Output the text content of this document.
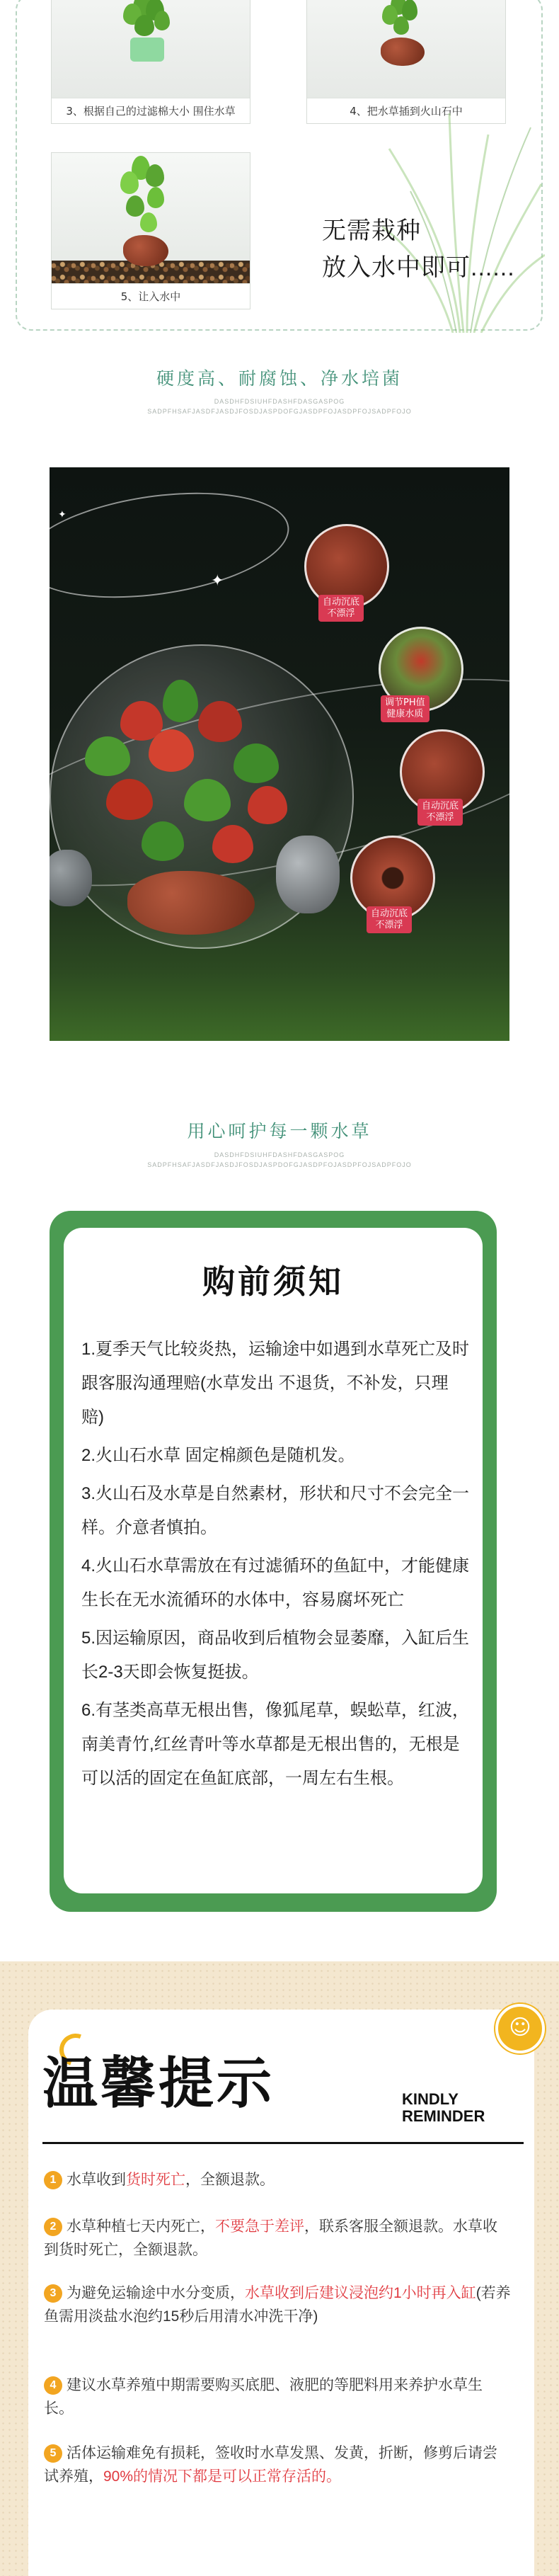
3、根据自己的过滤棉大小 围住水草	4、把水草插到火山石中
5、让入水中
无需栽种
放入水中即可......
硬度高、耐腐蚀、净水培菌
DASDHFDSIUHFDASHFDASGASPOG
SADPFHSAFJASDFJASDJFOSDJASPDOFGJASDPFOJASDPFOJSADPFOJO
✦
✦
自动沉底
不漂浮
调节PH值
健康水质
自动沉底
不漂浮
自动沉底
不漂浮
用心呵护每一颗水草
DASDHFDSIUHFDASHFDASGASPOG
SADPFHSAFJASDFJASDJFOSDJASPDOFGJASDPFOJASDPFOJSADPFOJO
购前须知

1.夏季天气比较炎热，运输途中如遇到水草死亡及时跟客服沟通理赔(水草发出 不退货，不补发，只理赔)

2.火山石水草 固定棉颜色是随机发。

3.火山石及水草是自然素材，形状和尺寸不会完全一样。介意者慎拍。

4.火山石水草需放在有过滤循环的鱼缸中，才能健康生长在无水流循环的水体中，容易腐坏死亡

5.因运输原因，商品收到后植物会显萎靡，入缸后生长2-3天即会恢复挺拔。

6.有茎类高草无根出售，像狐尾草，蜈蚣草，红波，南美青竹,红丝青叶等水草都是无根出售的，无根是可以活的固定在鱼缸底部，一周左右生根。

☺
温馨提示	KINDLY
REMINDER
1 水草收到货时死亡，全额退款。
2 水草种植七天内死亡，不要急于差评，联系客服全额退款。水草收到货时死亡，全额退款。
3 为避免运输途中水分变质，水草收到后建议浸泡约1小时再入缸(若养鱼需用淡盐水泡约15秒后用清水冲洗干净)
4 建议水草养殖中期需要购买底肥、液肥的等肥料用来养护水草生长。
5 活体运输难免有损耗，签收时水草发黑、发黄，折断，修剪后请尝试养殖，90%的情况下都是可以正常存活的。
